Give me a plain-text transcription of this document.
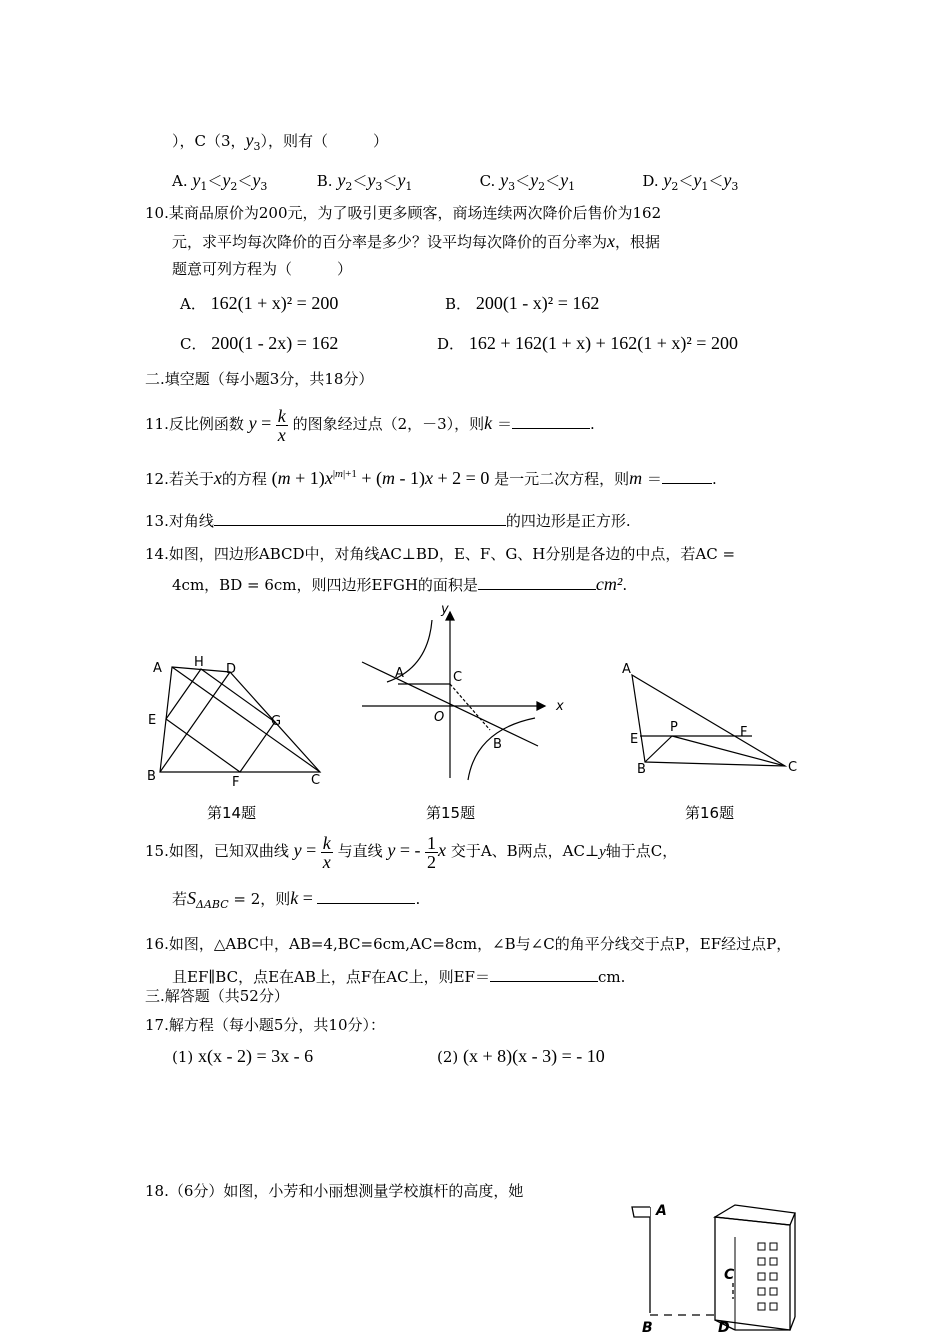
），C（3，$y_3$），则有（　　　）
A. $y_1<y_2<y_3$	B. $y_2<y_3<y_1$	C. $y_3<y_2<y_1$	D. $y_2<y_1<y_3$
10.某商品原价为200元，为了吸引更多顾客，商场连续两次降价后售价为162
元，求平均每次降价的百分率是多少？设平均每次降价的百分率为x，根据
题意可列方程为（　　　）
A． 162(1 + x)² = 200	B． 200(1 - x)² = 162
C． 200(1 - 2x) = 162	D． 162 + 162(1 + x) + 162(1 + x)² = 200
二.填空题（每小题3分，共18分）
11.反比例函数 $y = \frac{k}{x}$ 的图象经过点（2，－3），则k ＝	.
12.若关于x的方程 $(m + 1)x^{|m|+1} + (m - 1)x + 2 = 0$ 是一元二次方程，则m ＝	.
13.对角线	的四边形是正方形.
14.如图，四边形ABCD中，对角线AC⊥BD，E、F、G、H分别是各边的中点，若AC =
4cm，BD = 6cm，则四边形EFGH的面积是	cm².
A H D
E	G
B	F	C
y
x
A	C
O
B
A
P	F
E
B	C
第14题	第15题	第16题
15.如图，已知双曲线 $y = \frac{k}{x}$ 与直线 y = - $\frac{1}{2}$ x 交于A、B两点，AC⊥y轴于点C，
若$S_{\Delta ABC} = 2$，则k =	.
16.如图，△ABC中，AB=4,BC=6cm,AC=8cm，∠B与∠C的角平分线交于点P，EF经过点P，
且EF∥BC，点E在AB上，点F在AC上，则EF＝	cm.
三.解答题（共52分）
17.解方程（每小题5分，共10分）：
(1) x(x - 2) = 3x - 6	(2) (x + 8)(x - 3) = - 10
18.（6分）如图，小芳和小丽想测量学校旗杆的高度，她
A
C
B	D
